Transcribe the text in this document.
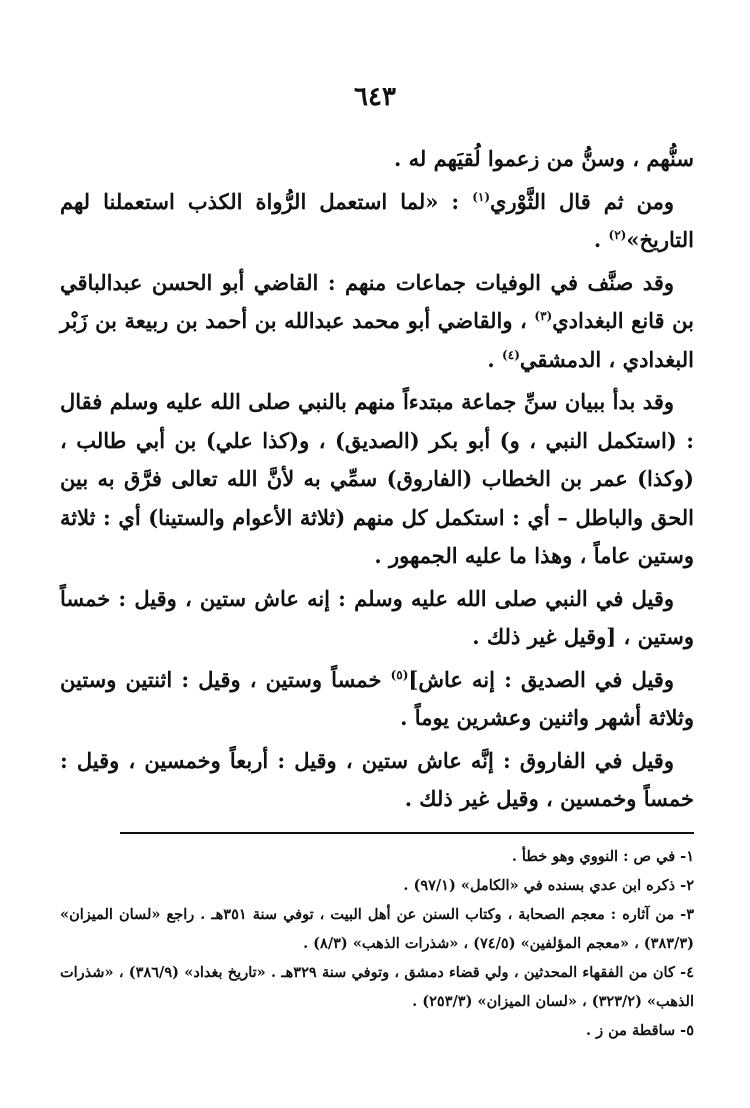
٦٤٣

سنُّهم ، وسنُّ من زعموا لُقيَهم له .

ومن ثم قال الثَّوْري$^{(١)}$ : «لما استعمل الرُّواة الكذب استعملنا لهم التاريخ»$^{(٢)}$ .

وقد صنَّف في الوفيات جماعات منهم : القاضي أبو الحسن عبدالباقي بن قانع البغدادي$^{(٣)}$ ، والقاضي أبو محمد عبدالله بن أحمد بن ربيعة بن زَبْر البغدادي ، الدمشقي$^{(٤)}$ .

وقد بدأ ببيان سنِّ جماعة مبتدءاً منهم بالنبي صلى الله عليه وسلم فقال : (استكمل النبي ، و) أبو بكر (الصديق) ، و(كذا علي) بن أبي طالب ، (وكذا) عمر بن الخطاب (الفاروق) سمِّي به لأنَّ الله تعالى فرَّق به بين الحق والباطل – أي : استكمل كل منهم (ثلاثة الأعوام والستينا) أي : ثلاثة وستين عاماً ، وهذا ما عليه الجمهور .

وقيل في النبي صلى الله عليه وسلم : إنه عاش ستين ، وقيل : خمساً وستين ، [وقيل غير ذلك .

وقيل في الصديق : إنه عاش]$^{(٥)}$ خمساً وستين ، وقيل : اثنتين وستين وثلاثة أشهر واثنين وعشرين يوماً .

وقيل في الفاروق : إنَّه عاش ستين ، وقيل : أربعاً وخمسين ، وقيل : خمساً وخمسين ، وقيل غير ذلك .

١- في ص : النووي وهو خطأ .

٢- ذكره ابن عدي بسنده في «الكامل» (٩٧/١) .

٣- من آثاره : معجم الصحابة ، وكتاب السنن عن أهل البيت ، توفي سنة ٣٥١هـ . راجع «لسان الميزان» (٣٨٣/٣) ، «معجم المؤلفين» (٧٤/٥) ، «شذرات الذهب» (٨/٣) .

٤- كان من الفقهاء المحدثين ، ولي قضاء دمشق ، وتوفي سنة ٣٢٩هـ . «تاريخ بغداد» (٣٨٦/٩) ، «شذرات الذهب» (٣٢٣/٢) ، «لسان الميزان» (٢٥٣/٣) .

٥- ساقطة من ز .
